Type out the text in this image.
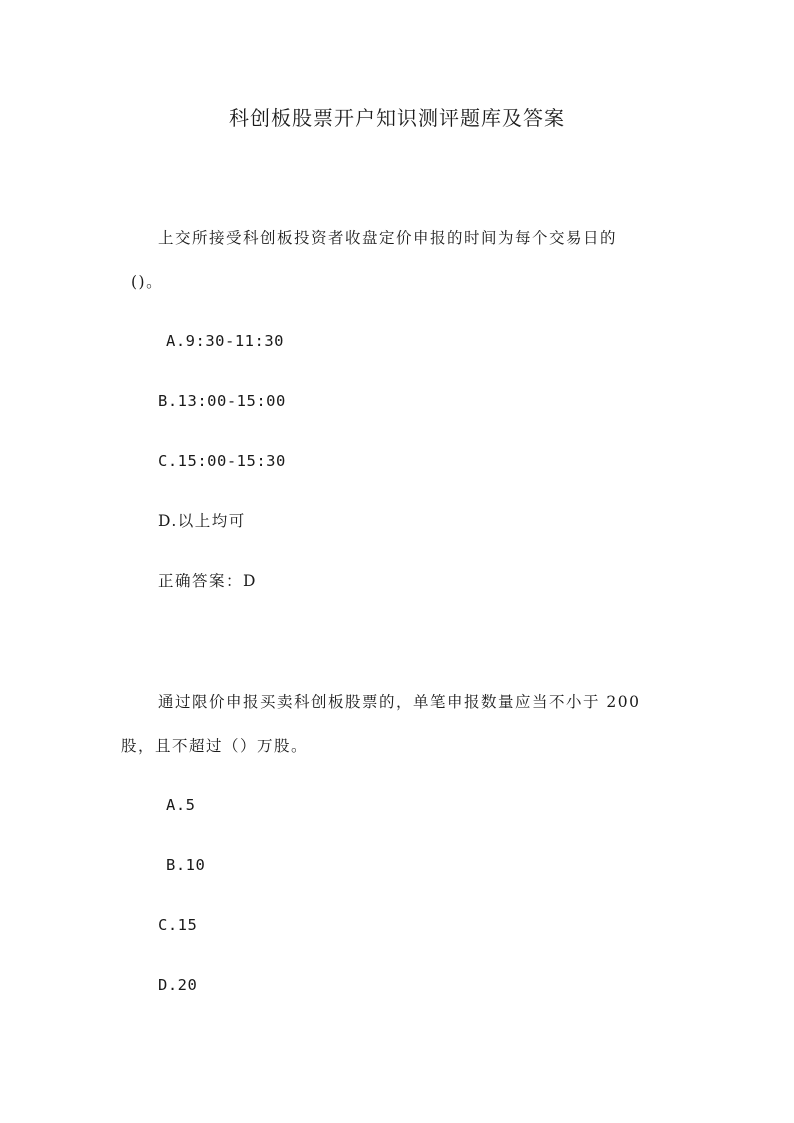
科创板股票开户知识测评题库及答案
上交所接受科创板投资者收盘定价申报的时间为每个交易日的
()。
A.9:30-11:30
B.13:00-15:00
C.15:00-15:30
D.以上均可
正确答案：D
通过限价申报买卖科创板股票的，单笔申报数量应当不小于 200
股，且不超过（）万股。
A.5
B.10
C.15
D.20
